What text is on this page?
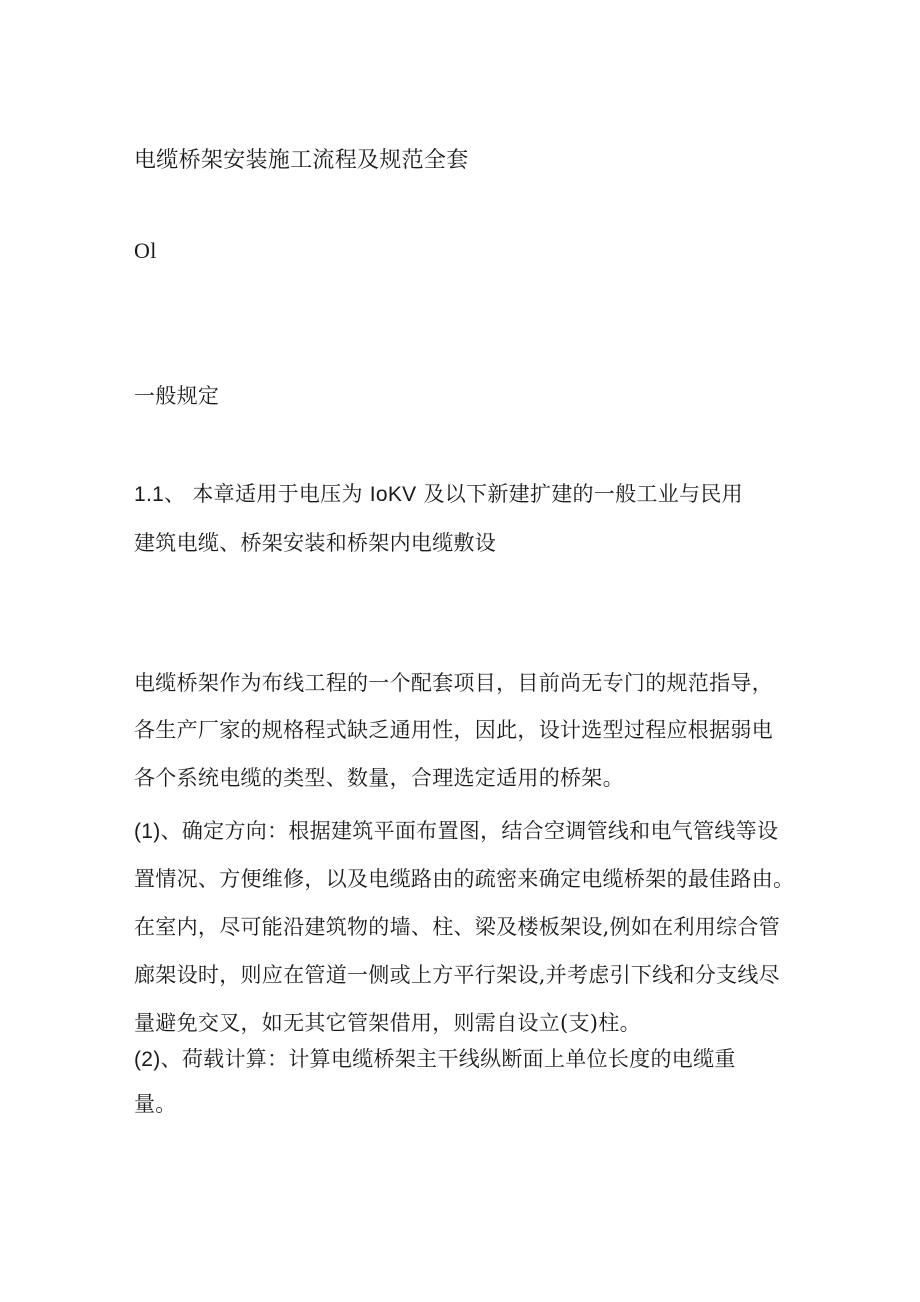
电缆桥架安装施工流程及规范全套
Ol
一般规定
1.1、 本章适用于电压为 IoKV 及以下新建扩建的一般工业与民用
建筑电缆、桥架安装和桥架内电缆敷设
电缆桥架作为布线工程的一个配套项目，目前尚无专门的规范指导，
各生产厂家的规格程式缺乏通用性，因此，设计选型过程应根据弱电
各个系统电缆的类型、数量，合理选定适用的桥架。
(1)、确定方向：根据建筑平面布置图，结合空调管线和电气管线等设
置情况、方便维修，以及电缆路由的疏密来确定电缆桥架的最佳路由。
在室内，尽可能沿建筑物的墙、柱、梁及楼板架设,例如在利用综合管
廊架设时，则应在管道一侧或上方平行架设,并考虑引下线和分支线尽
量避免交叉，如无其它管架借用，则需自设立(支)柱。
(2)、荷载计算：计算电缆桥架主干线纵断面上单位长度的电缆重
量。
